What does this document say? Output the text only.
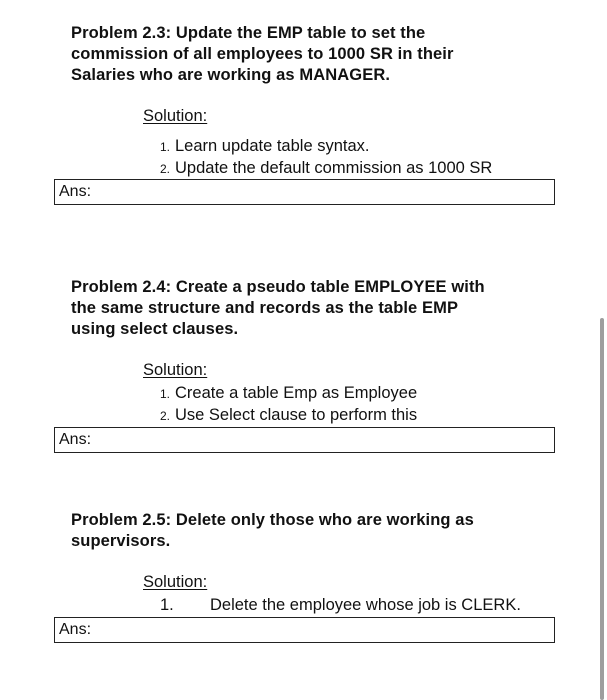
Problem 2.3: Update the EMP table to set the
commission of all employees to 1000 SR in their
Salaries who are working as MANAGER.

Solution:

1. Learn update table syntax.

2. Update the default commission as 1000 SR

Ans:

Problem 2.4: Create a pseudo table EMPLOYEE with
the same structure and records as the table EMP
using select clauses.

Solution:

1. Create a table Emp as Employee

2. Use Select clause to perform this

Ans:

Problem 2.5: Delete only those who are working as
supervisors.

Solution:

1. Delete the employee whose job is CLERK.

Ans:
